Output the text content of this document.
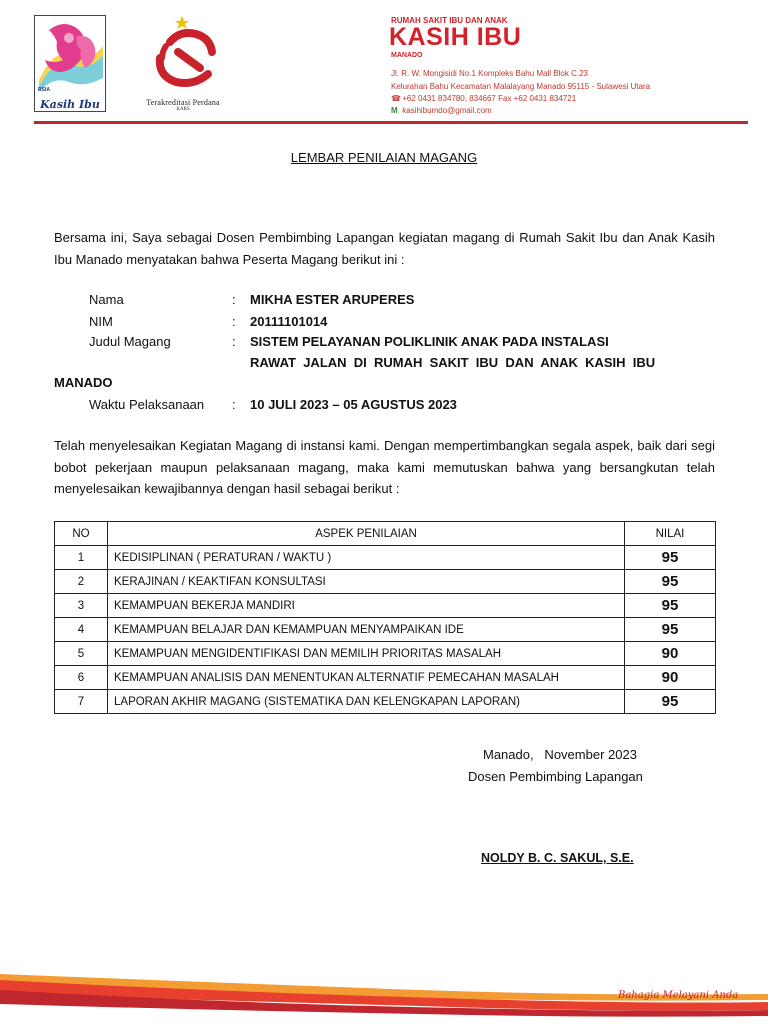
RSIA
Kasih Ibu	Terakreditasi Perdana
KARS
RUMAH SAKIT IBU DAN ANAK
KASIH IBU
MANADO
Jl. R. W. Mongisidi No.1 Kompleks Bahu Mall Blok C.23
Kelurahan Bahu Kecamatan Malalayang Manado 95115 - Sulawesi Utara
☎ +62 0431 834780, 834667 Fax +62 0431 834721
M kasihibumdo@gmail.com
LEMBAR PENILAIAN MAGANG
Bersama ini, Saya sebagai Dosen Pembimbing Lapangan kegiatan magang di Rumah Sakit Ibu dan Anak Kasih Ibu Manado menyatakan bahwa Peserta Magang berikut ini :
Nama	: MIKHA ESTER ARUPERES
NIM	: 20111101014
Judul Magang	: SISTEM PELAYANAN POLIKLINIK ANAK PADA INSTALASI
RAWAT  JALAN  DI  RUMAH  SAKIT  IBU  DAN  ANAK  KASIH  IBU
MANADO
Waktu Pelaksanaan : 10 JULI 2023 – 05 AGUSTUS 2023
Telah menyelesaikan Kegiatan Magang di instansi kami. Dengan mempertimbangkan segala aspek, baik dari segi bobot pekerjaan maupun pelaksanaan magang, maka kami memutuskan bahwa yang bersangkutan telah menyelesaikan kewajibannya dengan hasil sebagai berikut :
NO	ASPEK PENILAIAN	NILAI
1	KEDISIPLINAN ( PERATURAN / WAKTU )	95
2	KERAJINAN / KEAKTIFAN KONSULTASI	95
3	KEMAMPUAN BEKERJA MANDIRI	95
4	KEMAMPUAN BELAJAR DAN KEMAMPUAN MENYAMPAIKAN IDE	95
5	KEMAMPUAN MENGIDENTIFIKASI DAN MEMILIH PRIORITAS MASALAH	90
6	KEMAMPUAN ANALISIS DAN MENENTUKAN ALTERNATIF PEMECAHAN MASALAH	90
7	LAPORAN AKHIR MAGANG (SISTEMATIKA DAN KELENGKAPAN LAPORAN)	95
Manado,   November 2023
Dosen Pembimbing Lapangan
NOLDY B. C. SAKUL, S.E.
Bahagia Melayani Anda
